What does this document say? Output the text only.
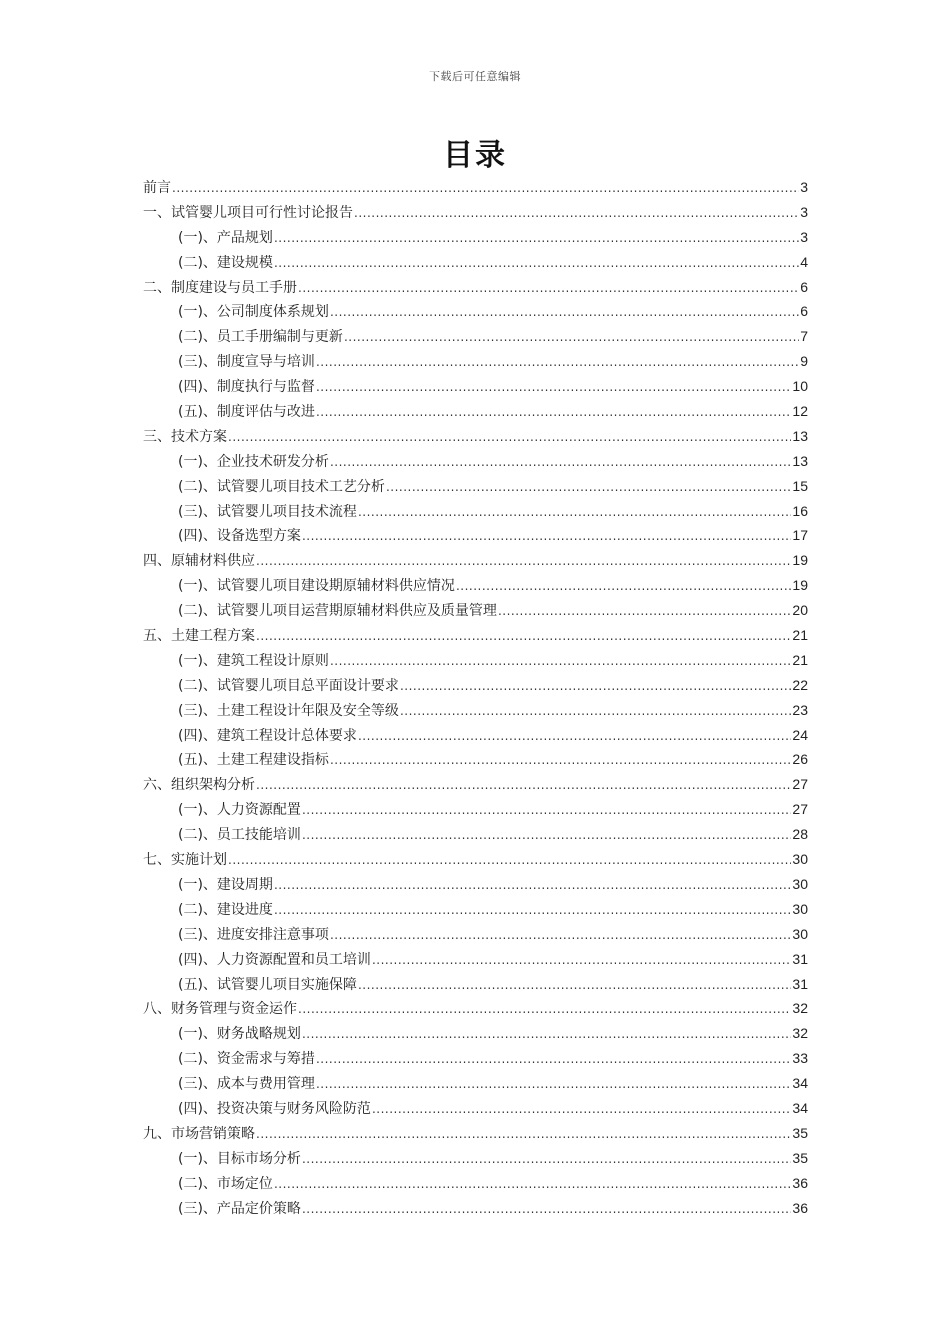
下载后可任意编辑
目录
前言 .....	3
一、试管婴儿项目可行性讨论报告 .....	3
(一)、产品规划 .....	3
(二)、建设规模 .....	4
二、制度建设与员工手册 .....	6
(一)、公司制度体系规划 .....	6
(二)、员工手册编制与更新 .....	7
(三)、制度宣导与培训 .....	9
(四)、制度执行与监督 .....	10
(五)、制度评估与改进 .....	12
三、技术方案 .....	13
(一)、企业技术研发分析 .....	13
(二)、试管婴儿项目技术工艺分析 .....	15
(三)、试管婴儿项目技术流程 .....	16
(四)、设备选型方案 .....	17
四、原辅材料供应 .....	19
(一)、试管婴儿项目建设期原辅材料供应情况 .....	19
(二)、试管婴儿项目运营期原辅材料供应及质量管理 .....	20
五、土建工程方案 .....	21
(一)、建筑工程设计原则 .....	21
(二)、试管婴儿项目总平面设计要求 .....	22
(三)、土建工程设计年限及安全等级 .....	23
(四)、建筑工程设计总体要求 .....	24
(五)、土建工程建设指标 .....	26
六、组织架构分析 .....	27
(一)、人力资源配置 .....	27
(二)、员工技能培训 .....	28
七、实施计划 .....	30
(一)、建设周期 .....	30
(二)、建设进度 .....	30
(三)、进度安排注意事项 .....	30
(四)、人力资源配置和员工培训 .....	31
(五)、试管婴儿项目实施保障 .....	31
八、财务管理与资金运作 .....	32
(一)、财务战略规划 .....	32
(二)、资金需求与筹措 .....	33
(三)、成本与费用管理 .....	34
(四)、投资决策与财务风险防范 .....	34
九、市场营销策略 .....	35
(一)、目标市场分析 .....	35
(二)、市场定位 .....	36
(三)、产品定价策略 .....	36
